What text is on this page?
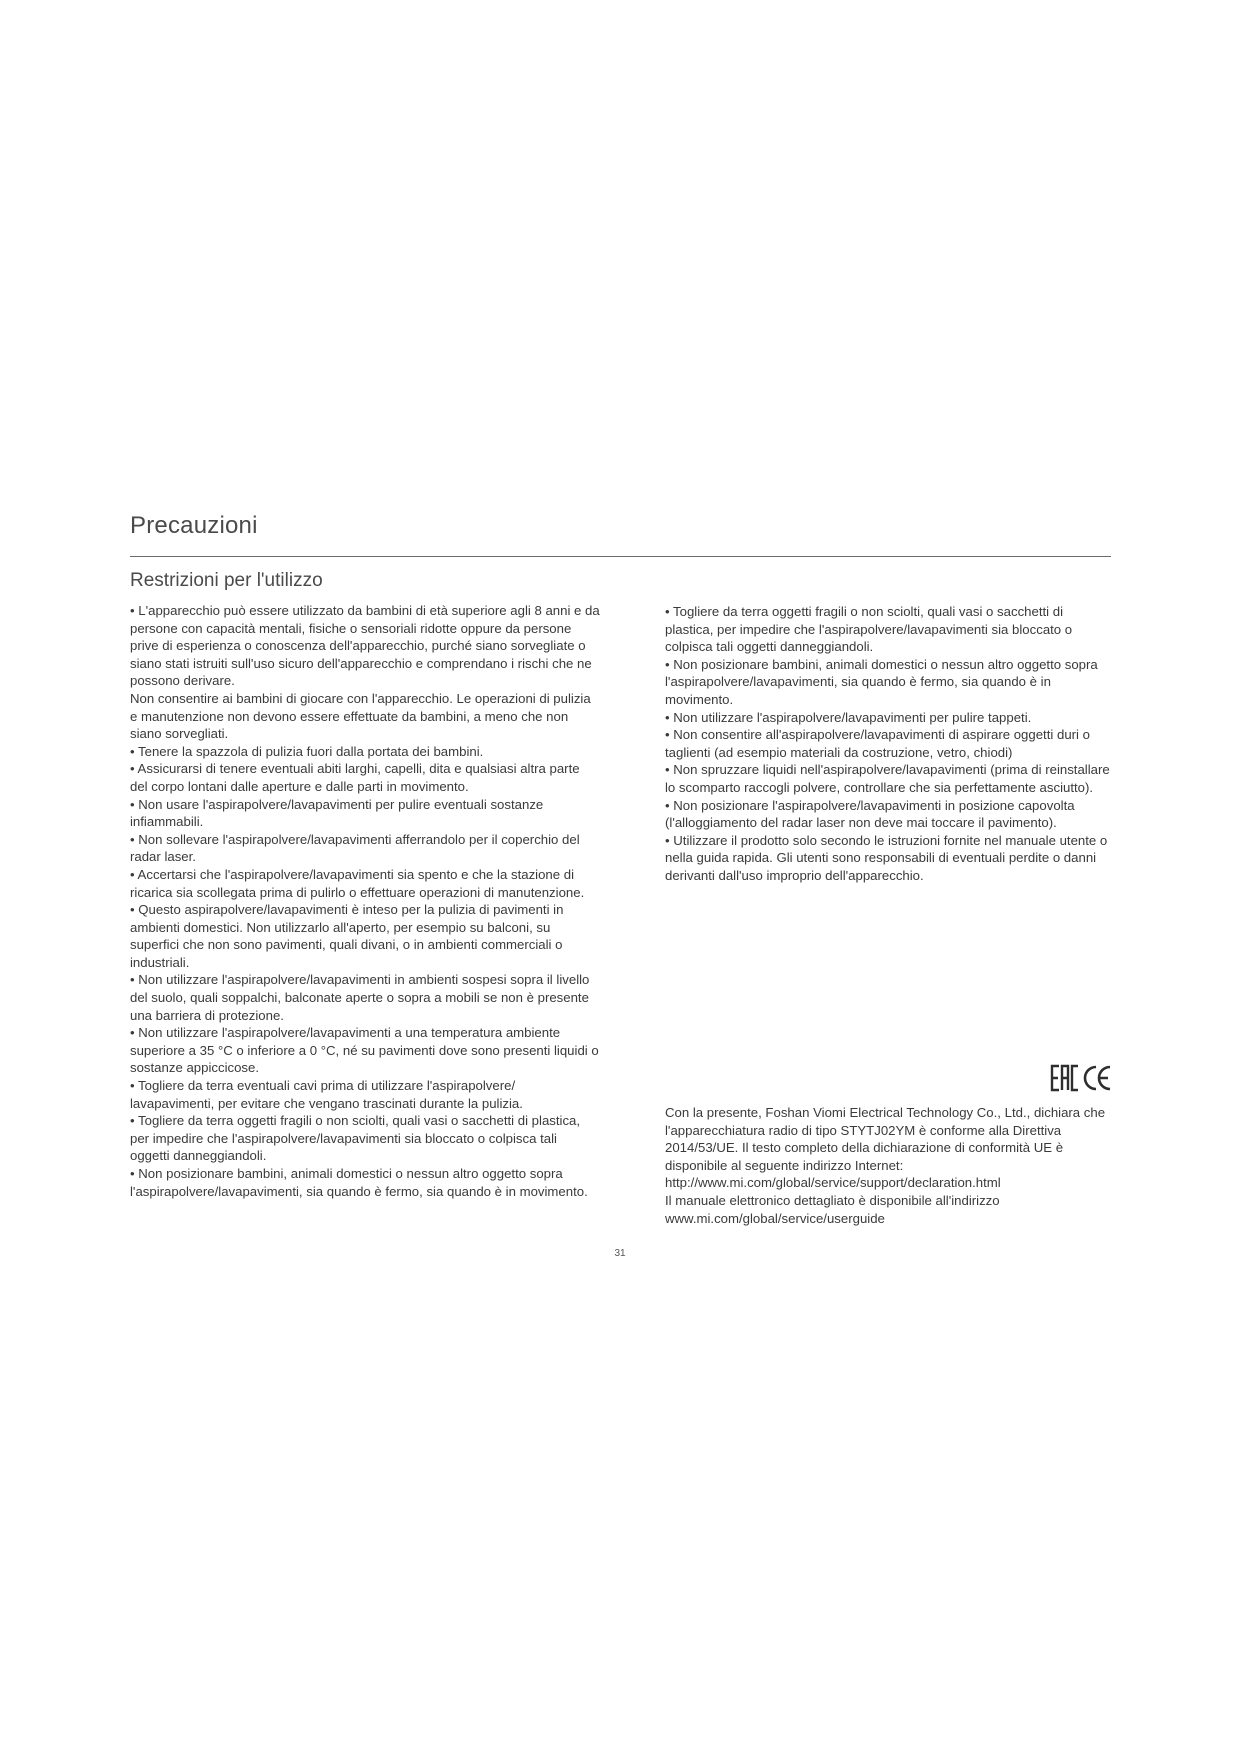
Precauzioni
Restrizioni per l'utilizzo

• L'apparecchio può essere utilizzato da bambini di età superiore agli 8 anni e da persone con capacità mentali, fisiche o sensoriali ridotte oppure da persone prive di esperienza o conoscenza dell'apparecchio, purché siano sorvegliate o siano stati istruiti sull'uso sicuro dell'apparecchio e comprendano i rischi che ne possono derivare.

Non consentire ai bambini di giocare con l'apparecchio. Le operazioni di pulizia e manutenzione non devono essere effettuate da bambini, a meno che non siano sorvegliati.

• Tenere la spazzola di pulizia fuori dalla portata dei bambini.

• Assicurarsi di tenere eventuali abiti larghi, capelli, dita e qualsiasi altra parte del corpo lontani dalle aperture e dalle parti in movimento.

• Non usare l'aspirapolvere/lavapavimenti per pulire eventuali sostanze infiammabili.

• Non sollevare l'aspirapolvere/lavapavimenti afferrandolo per il coperchio del radar laser.

• Accertarsi che l'aspirapolvere/lavapavimenti sia spento e che la stazione di ricarica sia scollegata prima di pulirlo o effettuare operazioni di manutenzione.

• Questo aspirapolvere/lavapavimenti è inteso per la pulizia di pavimenti in ambienti domestici. Non utilizzarlo all'aperto, per esempio su balconi, su superfici che non sono pavimenti, quali divani, o in ambienti commerciali o industriali.

• Non utilizzare l'aspirapolvere/lavapavimenti in ambienti sospesi sopra il livello del suolo, quali soppalchi, balconate aperte o sopra a mobili se non è presente una barriera di protezione.

• Non utilizzare l'aspirapolvere/lavapavimenti a una temperatura ambiente superiore a 35 °C o inferiore a 0 °C, né su pavimenti dove sono presenti liquidi o sostanze appiccicose.

• Togliere da terra eventuali cavi prima di utilizzare l'aspirapolvere/ lavapavimenti, per evitare che vengano trascinati durante la pulizia.

• Togliere da terra oggetti fragili o non sciolti, quali vasi o sacchetti di plastica, per impedire che l'aspirapolvere/lavapavimenti sia bloccato o colpisca tali oggetti danneggiandoli.

• Non posizionare bambini, animali domestici o nessun altro oggetto sopra l'aspirapolvere/lavapavimenti, sia quando è fermo, sia quando è in movimento.

• Togliere da terra oggetti fragili o non sciolti, quali vasi o sacchetti di plastica, per impedire che l'aspirapolvere/lavapavimenti sia bloccato o colpisca tali oggetti danneggiandoli.

• Non posizionare bambini, animali domestici o nessun altro oggetto sopra l'aspirapolvere/lavapavimenti, sia quando è fermo, sia quando è in movimento.

• Non utilizzare l'aspirapolvere/lavapavimenti per pulire tappeti.

• Non consentire all'aspirapolvere/lavapavimenti di aspirare oggetti duri o taglienti (ad esempio materiali da costruzione, vetro, chiodi)

• Non spruzzare liquidi nell'aspirapolvere/lavapavimenti (prima di reinstallare lo scomparto raccogli polvere, controllare che sia perfettamente asciutto).

• Non posizionare l'aspirapolvere/lavapavimenti in posizione capovolta (l'alloggiamento del radar laser non deve mai toccare il pavimento).

• Utilizzare il prodotto solo secondo le istruzioni fornite nel manuale utente o nella guida rapida. Gli utenti sono responsabili di eventuali perdite o danni derivanti dall'uso improprio dell'apparecchio.

Con la presente, Foshan Viomi Electrical Technology Co., Ltd., dichiara che l'apparecchiatura radio di tipo STYTJ02YM è conforme alla Direttiva 2014/53/UE. Il testo completo della dichiarazione di conformità UE è disponibile al seguente indirizzo Internet:

http://www.mi.com/global/service/support/declaration.html

Il manuale elettronico dettagliato è disponibile all'indirizzo

www.mi.com/global/service/userguide

31
